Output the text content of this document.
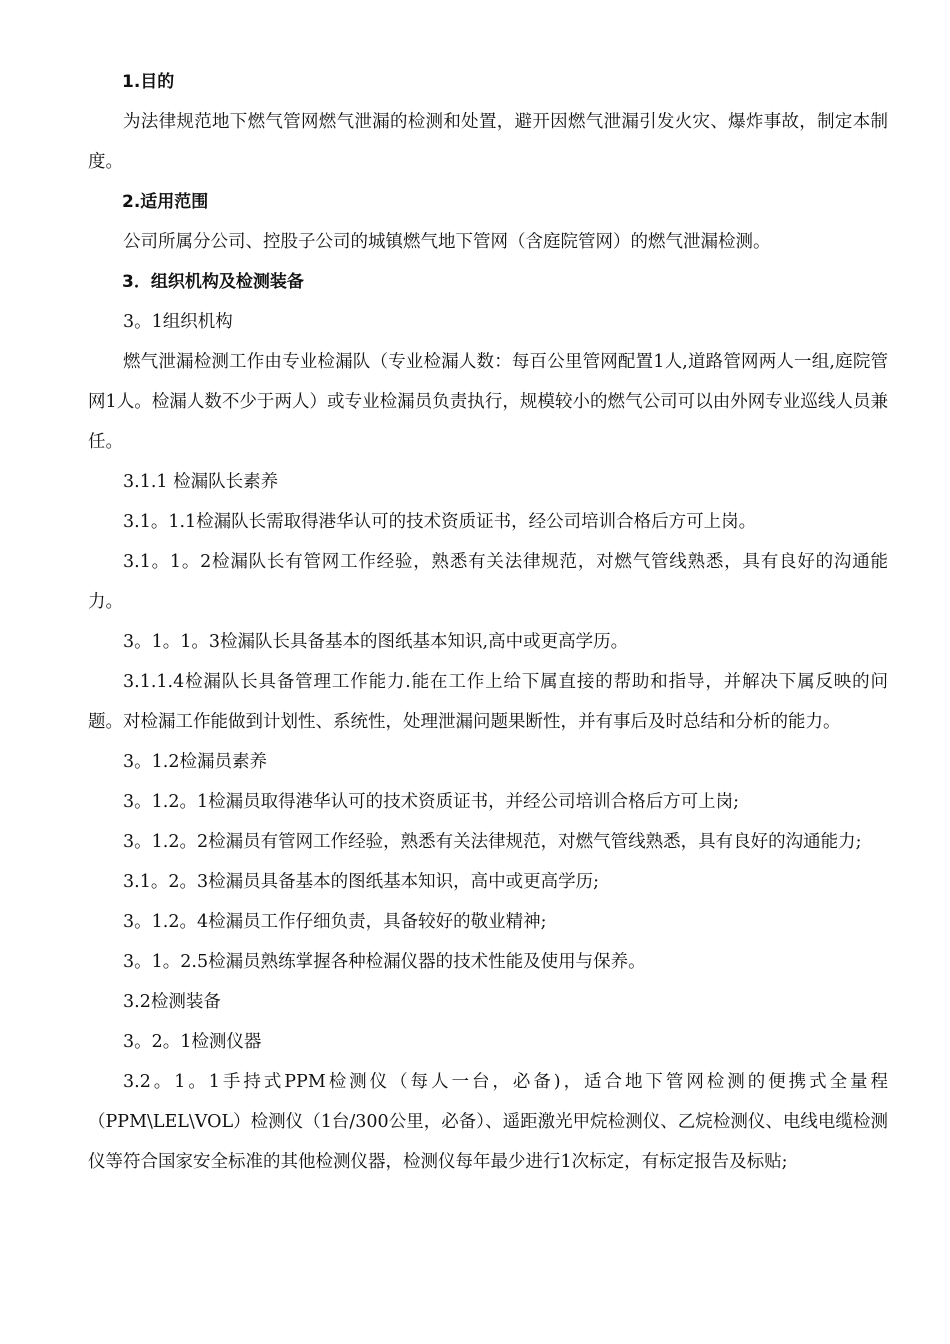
1.目的

为法律规范地下燃气管网燃气泄漏的检测和处置，避开因燃气泄漏引发火灾、爆炸事故，制定本制度。

2.适用范围

公司所属分公司、控股子公司的城镇燃气地下管网（含庭院管网）的燃气泄漏检测。

3．组织机构及检测装备

3。1组织机构

燃气泄漏检测工作由专业检漏队（专业检漏人数：每百公里管网配置1人,道路管网两人一组,庭院管网1人。检漏人数不少于两人）或专业检漏员负责执行，规模较小的燃气公司可以由外网专业巡线人员兼任。

3.1.1 检漏队长素养

3.1。1.1检漏队长需取得港华认可的技术资质证书，经公司培训合格后方可上岗。

3.1。1。2检漏队长有管网工作经验，熟悉有关法律规范，对燃气管线熟悉，具有良好的沟通能力。

3。1。1。3检漏队长具备基本的图纸基本知识,高中或更高学历。

3.1.1.4检漏队长具备管理工作能力.能在工作上给下属直接的帮助和指导，并解决下属反映的问题。对检漏工作能做到计划性、系统性，处理泄漏问题果断性，并有事后及时总结和分析的能力。

3。1.2检漏员素养

3。1.2。1检漏员取得港华认可的技术资质证书，并经公司培训合格后方可上岗;

3。1.2。2检漏员有管网工作经验，熟悉有关法律规范，对燃气管线熟悉，具有良好的沟通能力;

3.1。2。3检漏员具备基本的图纸基本知识，高中或更高学历;

3。1.2。4检漏员工作仔细负责，具备较好的敬业精神;

3。1。2.5检漏员熟练掌握各种检漏仪器的技术性能及使用与保养。

3.2检测装备

3。2。1检测仪器

3.2。1。1手持式PPM检测仪（每人一台，必备)，适合地下管网检测的便携式全量程（PPM\LEL\VOL）检测仪（1台/300公里，必备）、遥距激光甲烷检测仪、乙烷检测仪、电线电缆检测仪等符合国家安全标准的其他检测仪器，检测仪每年最少进行1次标定，有标定报告及标贴;
